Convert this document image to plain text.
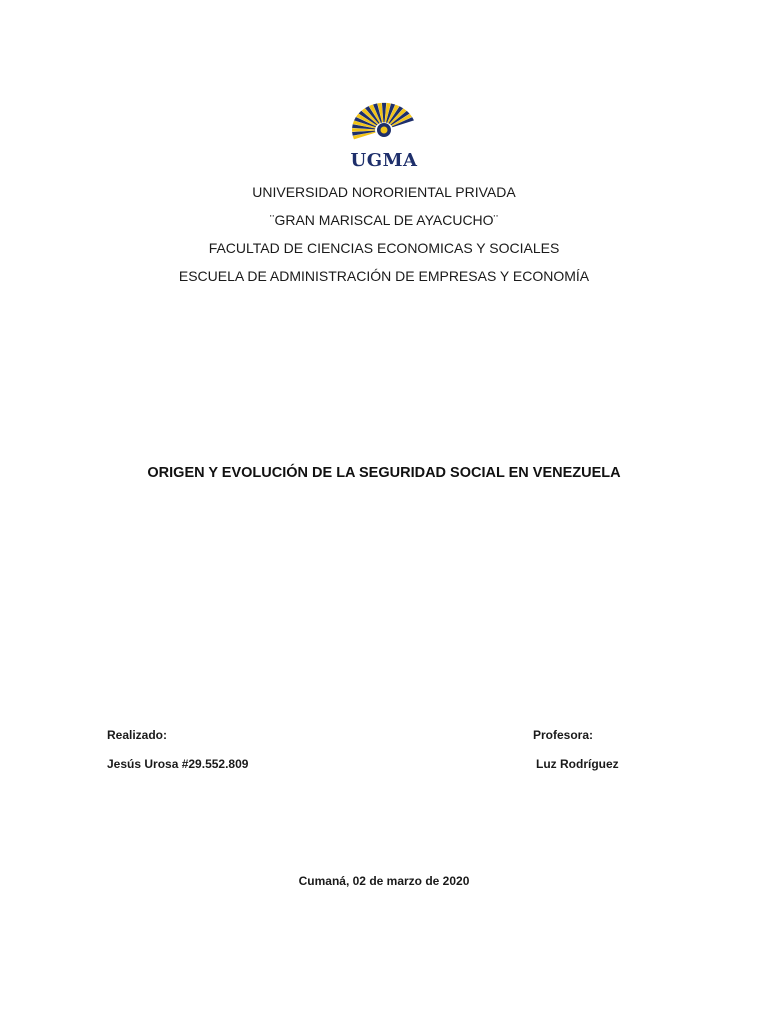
UGMA
UNIVERSIDAD NORORIENTAL PRIVADA
¨GRAN MARISCAL DE AYACUCHO¨
FACULTAD DE CIENCIAS ECONOMICAS Y SOCIALES
ESCUELA DE ADMINISTRACIÓN DE EMPRESAS Y ECONOMÍA
ORIGEN Y EVOLUCIÓN DE LA SEGURIDAD SOCIAL EN VENEZUELA
Realizado:
Jesús Urosa #29.552.809
Profesora:
Luz Rodríguez
Cumaná, 02 de marzo de 2020
